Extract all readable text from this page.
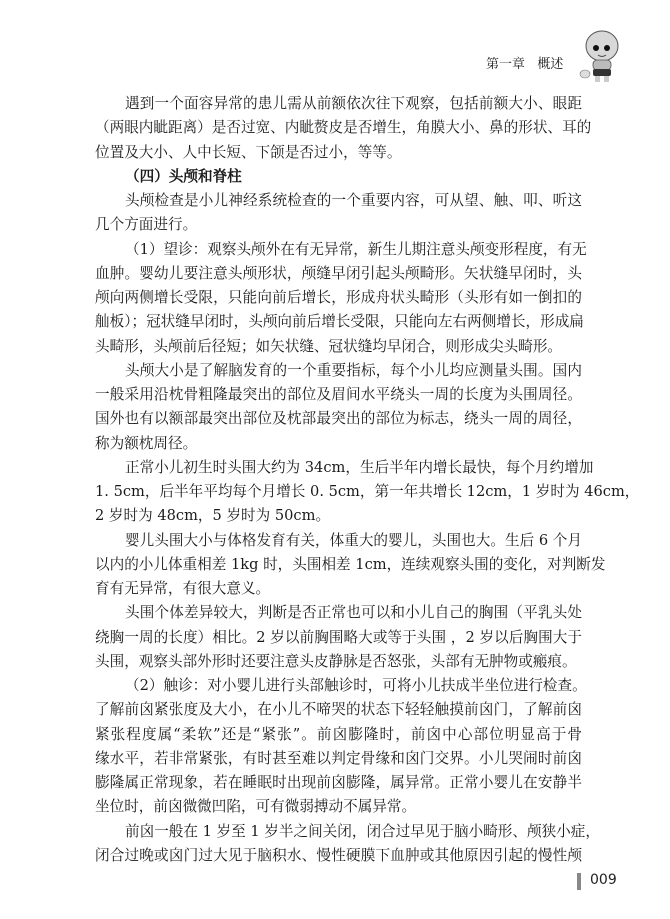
第一章 概述
遇到一个面容异常的患儿需从前额依次往下观察，包括前额大小、眼距
（两眼内眦距离）是否过宽、内眦赘皮是否增生，角膜大小、鼻的形状、耳的
位置及大小、人中长短、下颌是否过小，等等。
（四）头颅和脊柱
头颅检查是小儿神经系统检查的一个重要内容，可从望、触、叩、听这
几个方面进行。
（1）望诊：观察头颅外在有无异常，新生儿期注意头颅变形程度，有无
血肿。婴幼儿要注意头颅形状，颅缝早闭引起头颅畸形。矢状缝早闭时，头
颅向两侧增长受限，只能向前后增长，形成舟状头畸形（头形有如一倒扣的
舢板）；冠状缝早闭时，头颅向前后增长受限，只能向左右两侧增长，形成扁
头畸形，头颅前后径短；如矢状缝、冠状缝均早闭合，则形成尖头畸形。
头颅大小是了解脑发育的一个重要指标，每个小儿均应测量头围。国内
一般采用沿枕骨粗隆最突出的部位及眉间水平绕头一周的长度为头围周径。
国外也有以额部最突出部位及枕部最突出的部位为标志，绕头一周的周径，
称为额枕周径。
正常小儿初生时头围大约为 34cm，生后半年内增长最快，每个月约增加
1. 5cm，后半年平均每个月增长 0. 5cm，第一年共增长 12cm，1 岁时为 46cm，
2 岁时为 48cm，5 岁时为 50cm。
婴儿头围大小与体格发育有关，体重大的婴儿，头围也大。生后 6 个月
以内的小儿体重相差 1kg 时，头围相差 1cm，连续观察头围的变化，对判断发
育有无异常，有很大意义。
头围个体差异较大，判断是否正常也可以和小儿自己的胸围（平乳头处
绕胸一周的长度）相比。2 岁以前胸围略大或等于头围 ，2 岁以后胸围大于
头围，观察头部外形时还要注意头皮静脉是否怒张，头部有无肿物或瘢痕。
（2）触诊：对小婴儿进行头部触诊时，可将小儿扶成半坐位进行检查。
了解前囟紧张度及大小，在小儿不啼哭的状态下轻轻触摸前囟门，了解前囟
紧张程度属“柔软”还是“紧张”。前囟膨隆时，前囟中心部位明显高于骨
缘水平，若非常紧张，有时甚至难以判定骨缘和囟门交界。小儿哭闹时前囟
膨隆属正常现象，若在睡眠时出现前囟膨隆，属异常。正常小婴儿在安静半
坐位时，前囟微微凹陷，可有微弱搏动不属异常。
前囟一般在 1 岁至 1 岁半之间关闭，闭合过早见于脑小畸形、颅狭小症，
闭合过晚或囟门过大见于脑积水、慢性硬膜下血肿或其他原因引起的慢性颅
009
